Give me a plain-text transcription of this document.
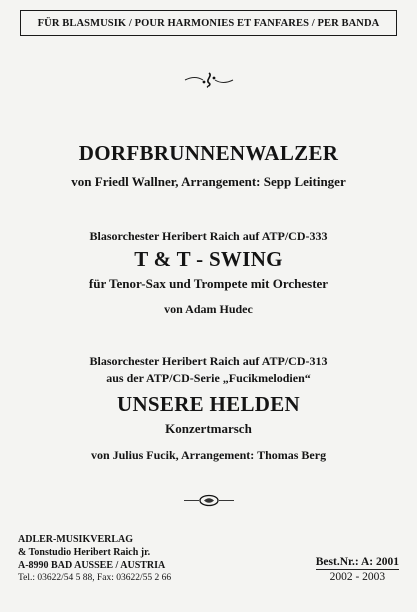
FÜR BLASMUSIK / POUR HARMONIES ET FANFARES / PER BANDA
DORFBRUNNENWALZER
von Friedl Wallner, Arrangement: Sepp Leitinger
Blasorchester Heribert Raich auf ATP/CD-333
T & T - SWING
für Tenor-Sax und Trompete mit Orchester
von Adam Hudec
Blasorchester Heribert Raich auf ATP/CD-313
aus der ATP/CD-Serie „Fucikmelodien“
UNSERE HELDEN
Konzertmarsch
von Julius Fucik, Arrangement: Thomas Berg
ADLER-MUSIKVERLAG
& Tonstudio Heribert Raich jr.
A-8990 BAD AUSSEE / AUSTRIA
Tel.: 03622/54 5 88, Fax: 03622/55 2 66
Best.Nr.: A: 2001
2002 - 2003
